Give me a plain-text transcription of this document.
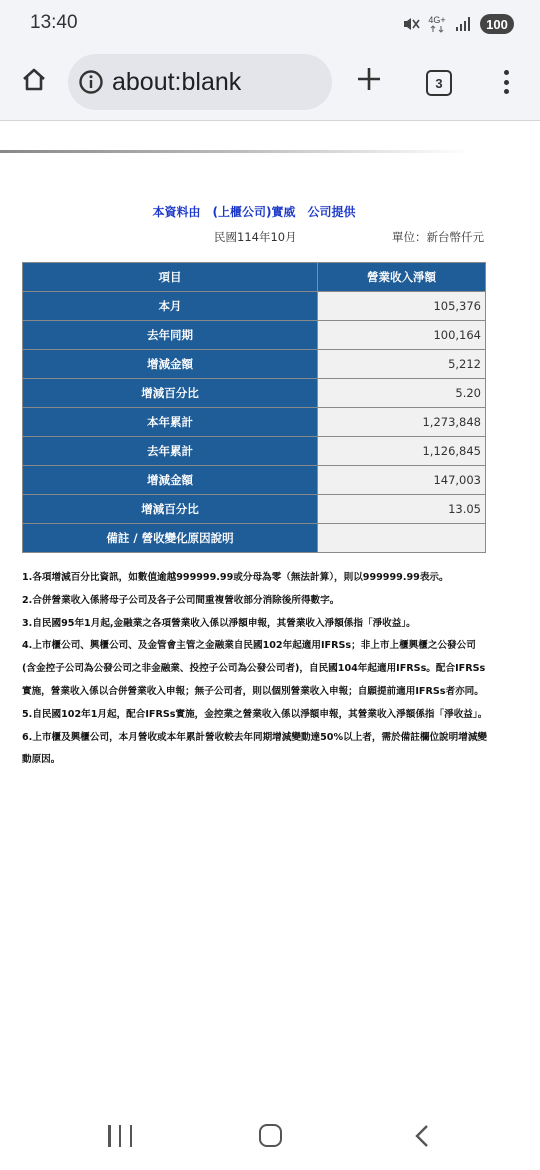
13:40	4G+	100
about:blank	3
本資料由　(上櫃公司)實威　公司提供
民國114年10月	單位：新台幣仟元
項目	營業收入淨額
本月	105,376
去年同期	100,164
增減金額	5,212
增減百分比	5.20
本年累計	1,273,848
去年累計	1,126,845
增減金額	147,003
增減百分比	13.05
備註 / 營收變化原因說明	

1.各項增減百分比資訊，如數值逾越999999.99或分母為零（無法計算），則以999999.99表示。

2.合併營業收入係將母子公司及各子公司間重複營收部分消除後所得數字。

3.自民國95年1月起,金融業之各項營業收入係以淨額申報，其營業收入淨額係指「淨收益」。

4.上市櫃公司、興櫃公司、及金管會主管之金融業自民國102年起適用IFRSs；非上市上櫃興櫃之公發公司(含金控子公司為公發公司之非金融業、投控子公司為公發公司者)，自民國104年起適用IFRSs。配合IFRSs實施，營業收入係以合併營業收入申報；無子公司者，則以個別營業收入申報；自願提前適用IFRSs者亦同。

5.自民國102年1月起，配合IFRSs實施，金控業之營業收入係以淨額申報，其營業收入淨額係指「淨收益」。

6.上市櫃及興櫃公司，本月營收或本年累計營收較去年同期增減變動達50%以上者，需於備註欄位說明增減變動原因。
